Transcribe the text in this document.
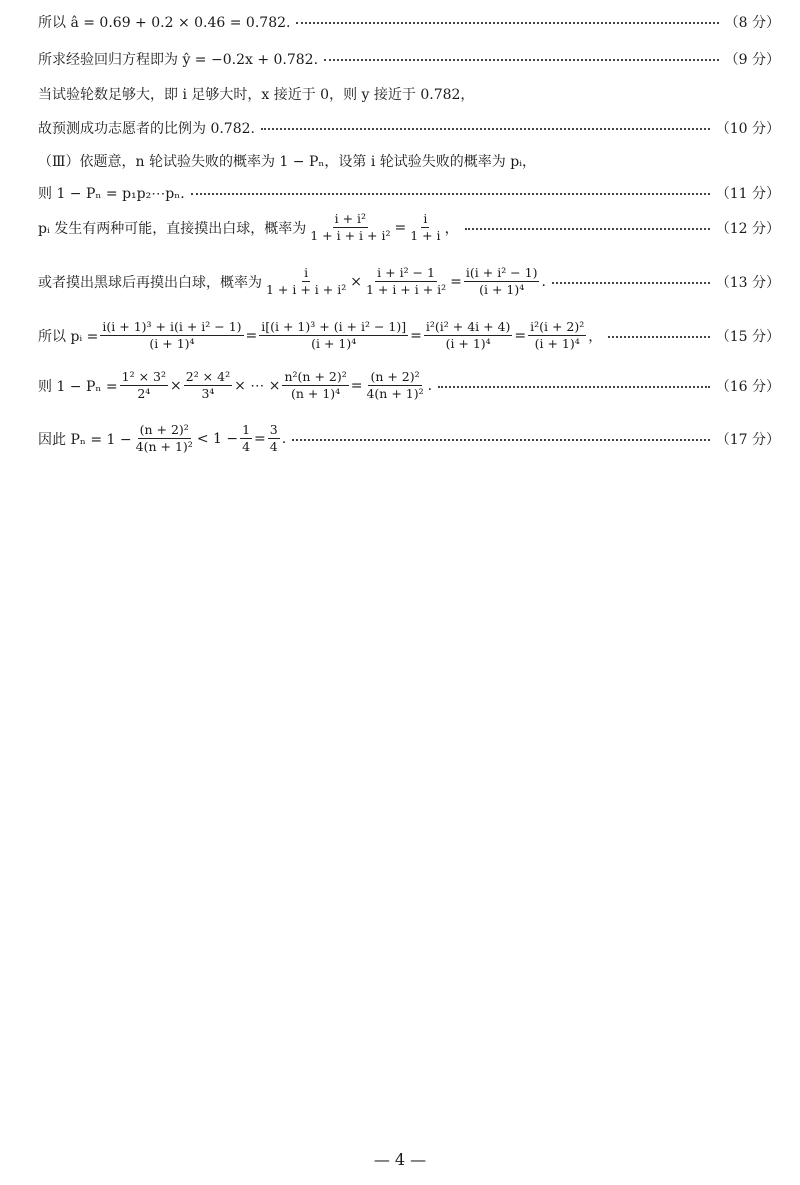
所以 â = 0.69 + 0.2 × 0.46 = 0.782.	（8 分）
所求经验回归方程即为 ŷ = −0.2x + 0.782.	（9 分）
当试验轮数足够大，即 i 足够大时，x 接近于 0，则 y 接近于 0.782，
故预测成功志愿者的比例为 0.782.	（10 分）
（Ⅲ）依题意，n 轮试验失败的概率为 1 − Pₙ，设第 i 轮试验失败的概率为 pᵢ，
则 1 − Pₙ = p₁p₂⋯pₙ.	（11 分）
pᵢ 发生有两种可能，直接摸出白球，概率为 $\frac{\text{i + i²}}{\text{1 + i + i + i²}} = \frac{i}{1 + i}$ ，	（12 分）
或者摸出黑球后再摸出白球，概率为 $\frac{i}{\text{1 + i + i + i²}} \times \frac{\text{i + i² − 1}}{\text{1 + i + i + i²}} = \frac{\text{i(i + i² − 1)}}{\text{(i + 1)⁴}}$ .	（13 分）
所以 pᵢ = $\frac{\text{i(i + 1)³ + i(i + i² − 1)}}{\text{(i + 1)⁴}} = \frac{\text{i[(i + 1)³ + (i + i² − 1)]}}{\text{(i + 1)⁴}} = \frac{\text{i²(i² + 4i + 4)}}{\text{(i + 1)⁴}} = \frac{\text{i²(i + 2)²}}{\text{(i + 1)⁴}}$ ，	（15 分）
则 $1 - P_n = \frac{\text{1² × 3²}}{\text{2⁴}} \times \frac{\text{2² × 4²}}{\text{3⁴}}$ × ⋯ × $\frac{\text{n²(n + 2)²}}{\text{(n + 1)⁴}} = \frac{\text{(n + 2)²}}{\text{4(n + 1)²}}$ .	（16 分）
因此 $P_n = 1 - \frac{\text{(n + 2)²}}{\text{4(n + 1)²}} < 1 - \frac{1}{4} = \frac{3}{4}$ .	（17 分）
— 4 —
